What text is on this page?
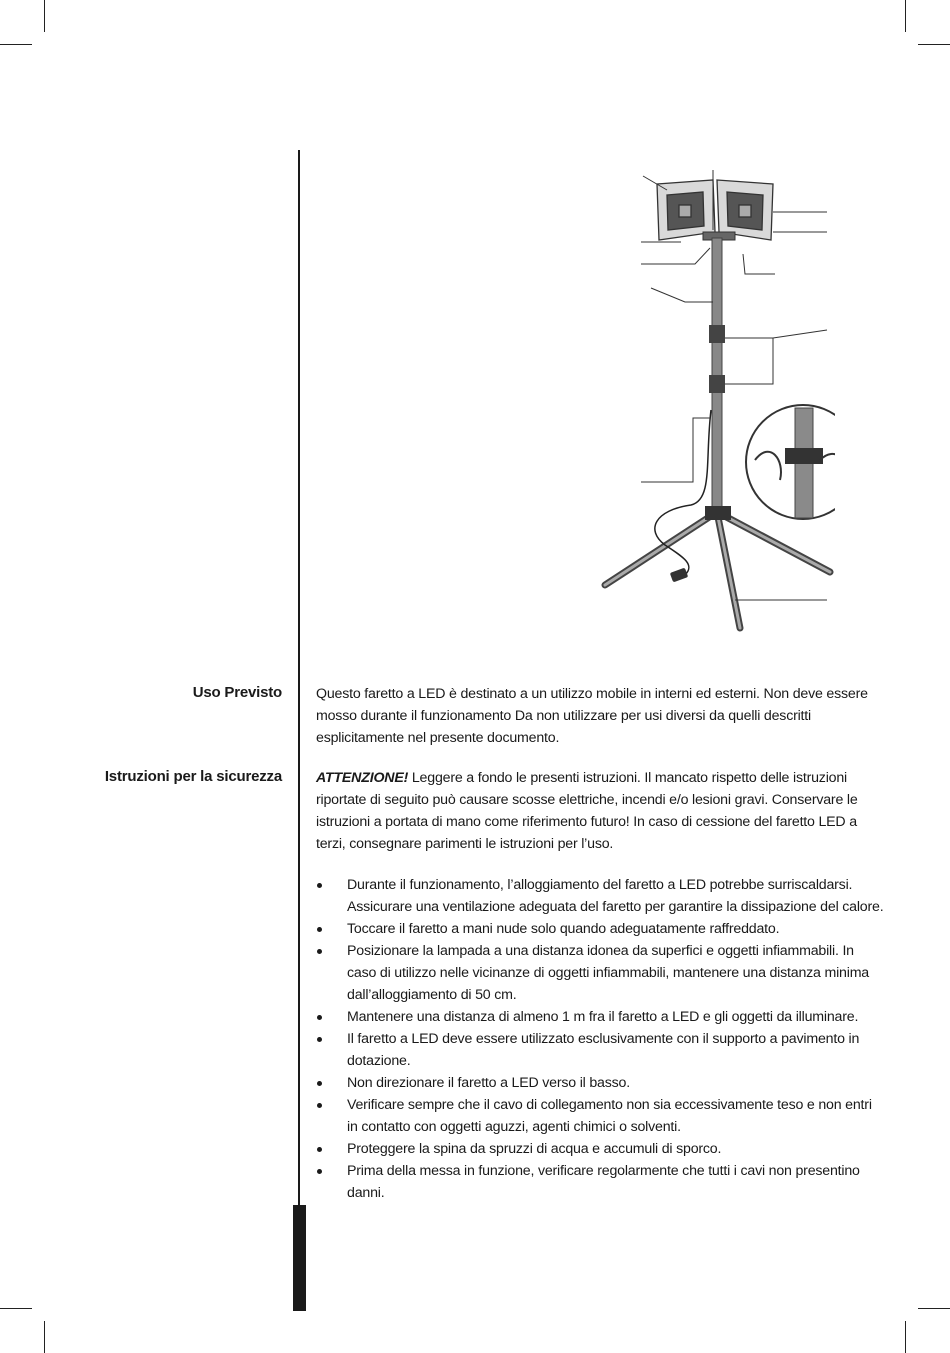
Uso Previsto Questo faretto a LED è destinato a un utilizzo mobile in interni ed esterni. Non deve essere mosso durante il funzionamento Da non utilizzare per usi diversi da quelli descritti esplicitamente nel presente documento.
Istruzioni per la sicurezza ATTENZIONE! Leggere a fondo le presenti istruzioni. Il mancato rispetto delle istruzioni riportate di seguito può causare scosse elettriche, incendi e/o lesioni gravi. Conservare le istruzioni a portata di mano come riferimento futuro! In caso di cessione del faretto LED a terzi, consegnare parimenti le istruzioni per l’uso.
Durante il funzionamento, l’alloggiamento del faretto a LED potrebbe surriscaldarsi. Assicurare una ventilazione adeguata del faretto per garantire la dissipazione del calore.
Toccare il faretto a mani nude solo quando adeguatamente raffreddato.
Posizionare la lampada a una distanza idonea da superfici e oggetti infiammabili. In caso di utilizzo nelle vicinanze di oggetti infiammabili, mantenere una distanza minima dall’alloggiamento di 50 cm.
Mantenere una distanza di almeno 1 m fra il faretto a LED e gli oggetti da illuminare.
Il faretto a LED deve essere utilizzato esclusivamente con il supporto a pavimento in dotazione.
Non direzionare il faretto a LED verso il basso.
Verificare sempre che il cavo di collegamento non sia eccessivamente teso e non entri in contatto con oggetti aguzzi, agenti chimici o solventi.
Proteggere la spina da spruzzi di acqua e accumuli di sporco.
Prima della messa in funzione, verificare regolarmente che tutti i cavi non presentino danni.
